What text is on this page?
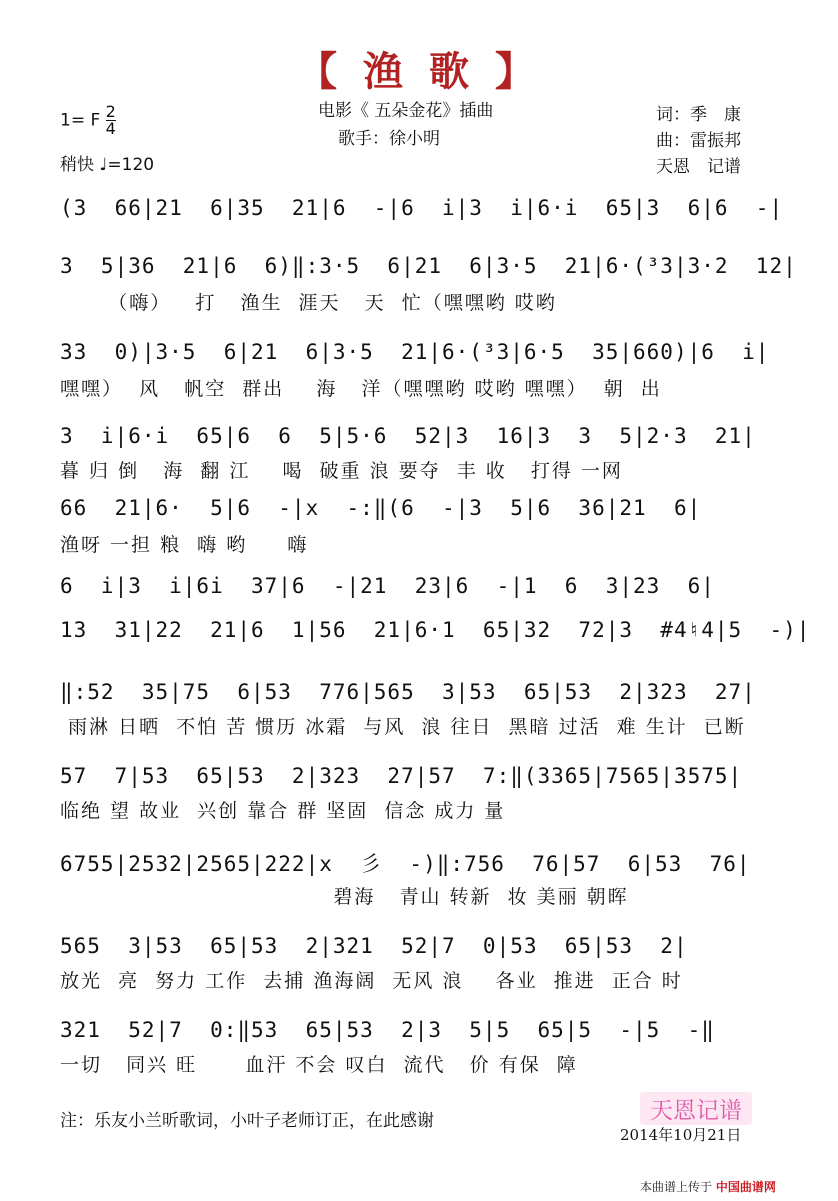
【 渔 歌 】
1= F $\frac{2}{4}$
稍快 ♩=120
电影《 五朵金花》插曲
歌手：徐小明
词：季　康
曲：雷振邦
天恩　记谱
(3  66|21  6|35  21|6  -|6  i|3  i|6·i  65|3  6|6  -|
3  5|36  21|6  6)‖:3·5  6|21  6|3·5  21|6·(³3|3·2  12|
（嗨）   打   渔生  涯天   天  忙（嘿嘿哟 哎哟
33  0)|3·5  6|21  6|3·5  21|6·(³3|6·5  35|660)|6  i|
嘿嘿）  风   帆空  群出    海   洋（嘿嘿哟 哎哟 嘿嘿）  朝  出
3  i|6·i  65|6  6  5|5·6  52|3  16|3  3  5|2·3  21|
暮 归 倒   海  翻 江    喝  破重 浪 要夺  丰 收   打得 一网
66  21|6·  5|6  -|x  -:‖(6  -|3  5|6  36|21  6|
渔呀 一担 粮  嗨 哟     嗨
6  i|3  i|6i  37|6  -|21  23|6  -|1  6  3|23  6|
13  31|22  21|6  1|56  21|6·1  65|32  72|3  #4♮4|5  -)|
‖:52  35|75  6|53  776|565  3|53  65|53  2|323  27|
雨淋 日晒  不怕 苦 惯历 冰霜  与风  浪 往日  黑暗 过活  难 生计  已断
57  7|53  65|53  2|323  27|57  7:‖(3365|7565|3575|
临绝 望 故业  兴创 靠合 群 坚固  信念 成力 量
6755|2532|2565|222|x  彡  -)‖:756  76|57  6|53  76|
碧海   青山 转新  妆 美丽 朝晖
565  3|53  65|53  2|321  52|7  0|53  65|53  2|
放光  亮  努力 工作  去捕 渔海阔  无风 浪    各业  推进  正合 时
321  52|7  0:‖53  65|53  2|3  5|5  65|5  -|5  -‖
一切   同兴 旺      血汗 不会 叹白  流代   价 有保  障
注：乐友小兰昕歌词，小叶子老师订正，在此感谢	天恩记谱
2014年10月21日
本曲谱上传于 中国曲谱网
